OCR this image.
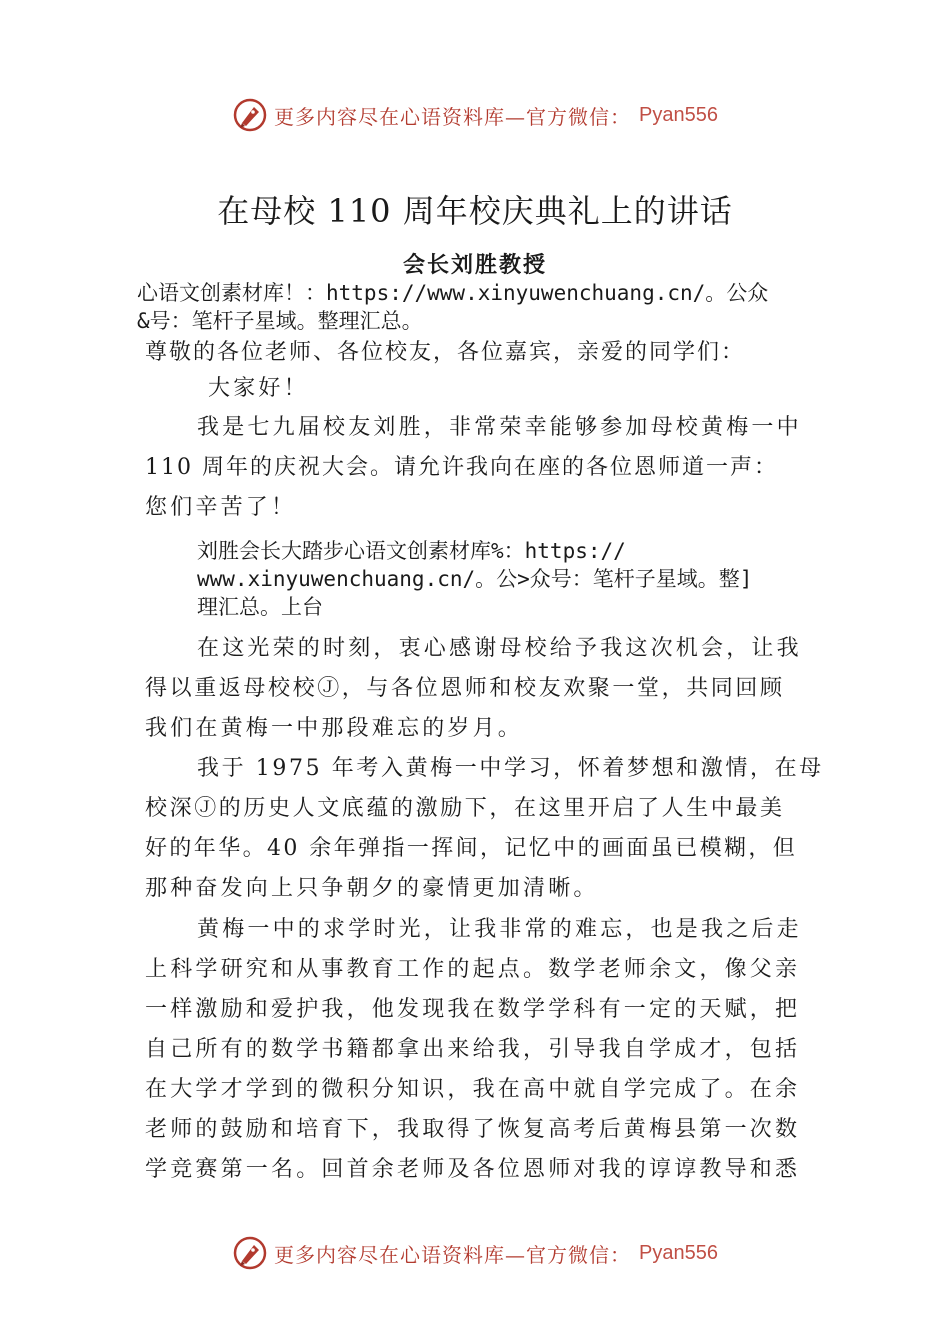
更多内容尽在心语资料库—官方微信： Pyan556
在母校 110 周年校庆典礼上的讲话
会长刘胜教授
心语文创素材库！：https://www.xinyuwenchuang.cn/。公众
&号：笔杆子星域。整理汇总。
尊敬的各位老师、各位校友，各位嘉宾，亲爱的同学们：
大家好！
我是七九届校友刘胜，非常荣幸能够参加母校黄梅一中
110 周年的庆祝大会。请允许我向在座的各位恩师道一声：
您们辛苦了！
刘胜会长大踏步心语文创素材库%：https://
www.xinyuwenchuang.cn/。公>众号：笔杆子星域。整]
理汇总。上台
在这光荣的时刻，衷心感谢母校给予我这次机会，让我
得以重返母校校Ⓙ，与各位恩师和校友欢聚一堂，共同回顾
我们在黄梅一中那段难忘的岁月。
我于 1975 年考入黄梅一中学习，怀着梦想和激情，在母
校深Ⓙ的历史人文底蕴的激励下，在这里开启了人生中最美
好的年华。40 余年弹指一挥间，记忆中的画面虽已模糊，但
那种奋发向上只争朝夕的豪情更加清晰。
黄梅一中的求学时光，让我非常的难忘，也是我之后走
上科学研究和从事教育工作的起点。数学老师余文，像父亲
一样激励和爱护我，他发现我在数学学科有一定的天赋，把
自己所有的数学书籍都拿出来给我，引导我自学成才，包括
在大学才学到的微积分知识，我在高中就自学完成了。在余
老师的鼓励和培育下，我取得了恢复高考后黄梅县第一次数
学竞赛第一名。回首余老师及各位恩师对我的谆谆教导和悉
更多内容尽在心语资料库—官方微信： Pyan556
